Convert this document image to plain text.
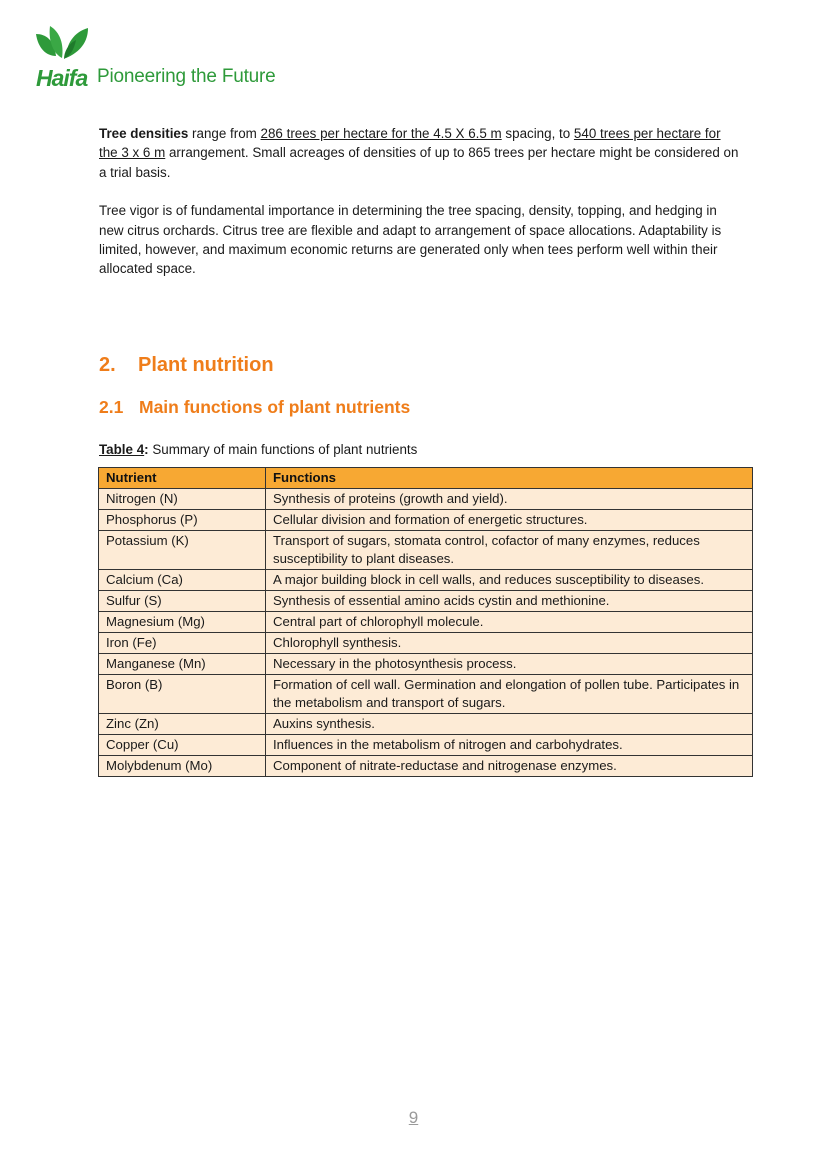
Haifa Pioneering the Future

Tree densities range from 286 trees per hectare for the 4.5 X 6.5 m spacing, to 540 trees per hectare for the 3 x 6 m arrangement. Small acreages of densities of up to 865 trees per hectare might be considered on a trial basis.

Tree vigor is of fundamental importance in determining the tree spacing, density, topping, and hedging in new citrus orchards. Citrus tree are flexible and adapt to arrangement of space allocations. Adaptability is limited, however, and maximum economic returns are generated only when tees perform well within their allocated space.

2. Plant nutrition
2.1 Main functions of plant nutrients
Table 4: Summary of main functions of plant nutrients
Nutrient	Functions
Nitrogen (N)	Synthesis of proteins (growth and yield).
Phosphorus (P)	Cellular division and formation of energetic structures.
Potassium (K)	Transport of sugars, stomata control, cofactor of many enzymes, reduces susceptibility to plant diseases.
Calcium (Ca)	A major building block in cell walls, and reduces susceptibility to diseases.
Sulfur (S)	Synthesis of essential amino acids cystin and methionine.
Magnesium (Mg)	Central part of chlorophyll molecule.
Iron (Fe)	Chlorophyll synthesis.
Manganese (Mn)	Necessary in the photosynthesis process.
Boron (B)	Formation of cell wall. Germination and elongation of pollen tube. Participates in the metabolism and transport of sugars.
Zinc (Zn)	Auxins synthesis.
Copper (Cu)	Influences in the metabolism of nitrogen and carbohydrates.
Molybdenum (Mo)	Component of nitrate-reductase and nitrogenase enzymes.
9
